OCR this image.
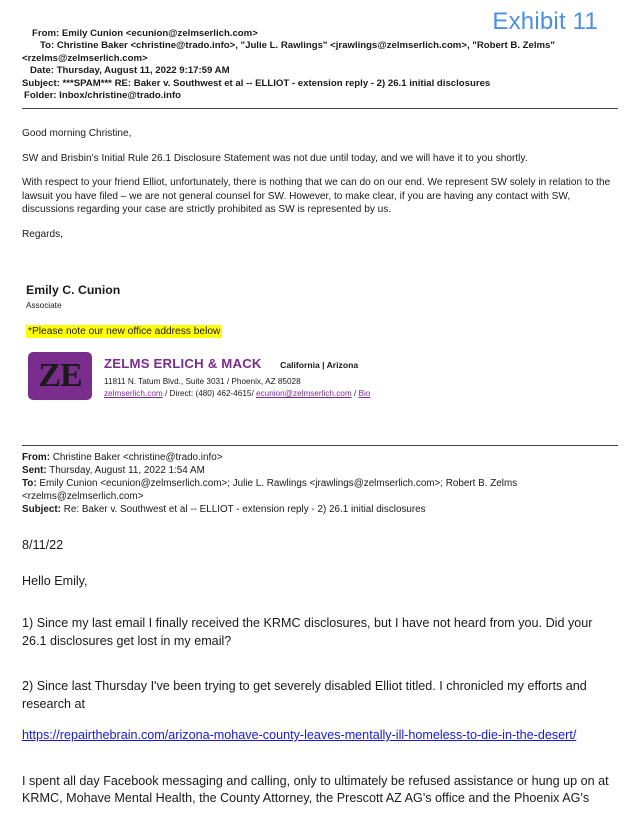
Exhibit 11
From: Emily Cunion <ecunion@zelmserlich.com>
To: Christine Baker <christine@trado.info>, "Julie L. Rawlings" <jrawlings@zelmserlich.com>, "Robert B. Zelms"
<rzelms@zelmserlich.com>
Date: Thursday, August 11, 2022 9:17:59 AM
Subject: ***SPAM*** RE: Baker v. Southwest et al -- ELLIOT - extension reply - 2) 26.1 initial disclosures
Folder: Inbox/christine@trado.info

Good morning Christine,

SW and Brisbin’s Initial Rule 26.1 Disclosure Statement was not due until today, and we will have it to you shortly.

With respect to your friend Elliot, unfortunately, there is nothing that we can do on our end. We represent SW solely in relation to the lawsuit you have filed – we are not general counsel for SW. However, to make clear, if you are having any contact with SW, discussions regarding your case are strictly prohibited as SW is represented by us.

Regards,

Emily C. Cunion
Associate
*Please note our new office address below
ZE ZELMS ERLICH & MACK California | Arizona
11811 N. Tatum Blvd., Suite 3031 / Phoenix, AZ 85028
zelmserlich.com / Direct: (480) 462-4615/ ecunion@zelmserlich.com / Bio
From: Christine Baker <christine@trado.info>
Sent: Thursday, August 11, 2022 1:54 AM
To: Emily Cunion <ecunion@zelmserlich.com>; Julie L. Rawlings <jrawlings@zelmserlich.com>; Robert B. Zelms <rzelms@zelmserlich.com>
Subject: Re: Baker v. Southwest et al -- ELLIOT - extension reply - 2) 26.1 initial disclosures

8/11/22

Hello Emily,

1) Since my last email I finally received the KRMC disclosures, but I have not heard from you. Did your 26.1 disclosures get lost in my email?

2) Since last Thursday I've been trying to get severely disabled Elliot titled. I chronicled my efforts and research at

https://repairthebrain.com/arizona-mohave-county-leaves-mentally-ill-homeless-to-die-in-the-desert/

I spent all day Facebook messaging and calling, only to ultimately be refused assistance or hung up on at KRMC, Mohave Mental Health, the County Attorney, the Prescott AZ AG's office and the Phoenix AG's
